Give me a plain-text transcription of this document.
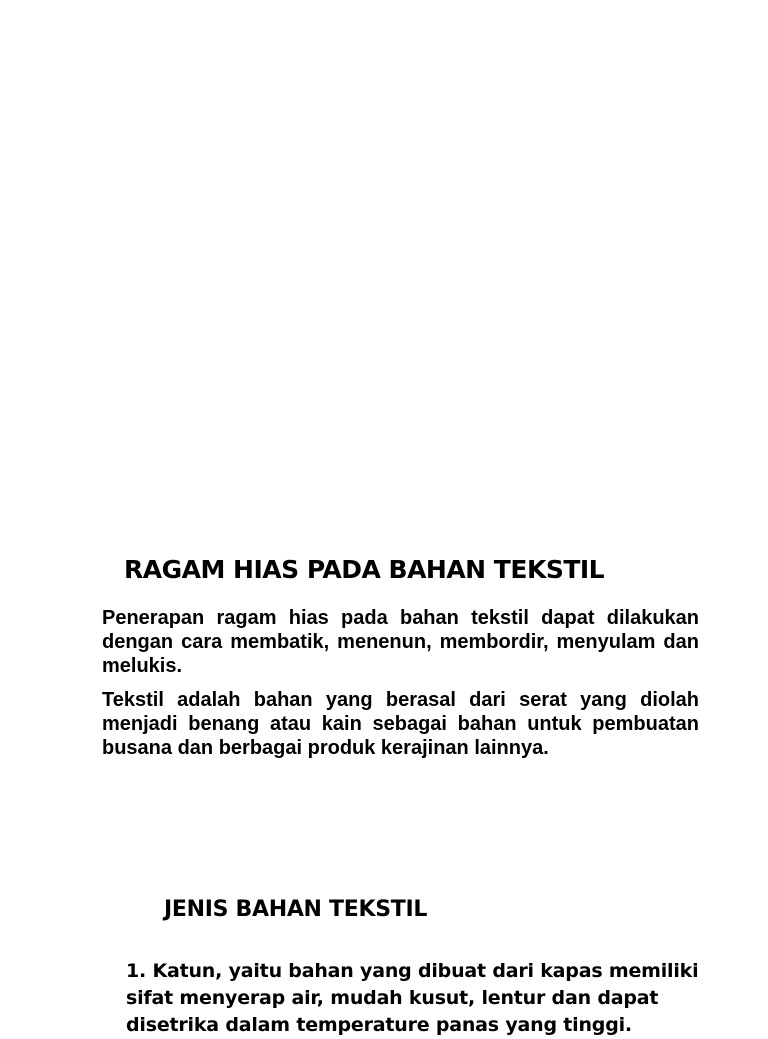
RAGAM HIAS PADA BAHAN TEKSTIL

Penerapan ragam hias pada bahan tekstil dapat dilakukan dengan cara membatik, menenun, membordir, menyulam dan melukis.

Tekstil adalah bahan yang berasal dari serat yang diolah menjadi benang atau kain sebagai bahan untuk pembuatan busana dan berbagai produk kerajinan lainnya.

JENIS BAHAN TEKSTIL

1. Katun, yaitu bahan yang dibuat dari kapas memiliki sifat menyerap air, mudah kusut, lentur dan dapat disetrika dalam temperature panas yang tinggi.
